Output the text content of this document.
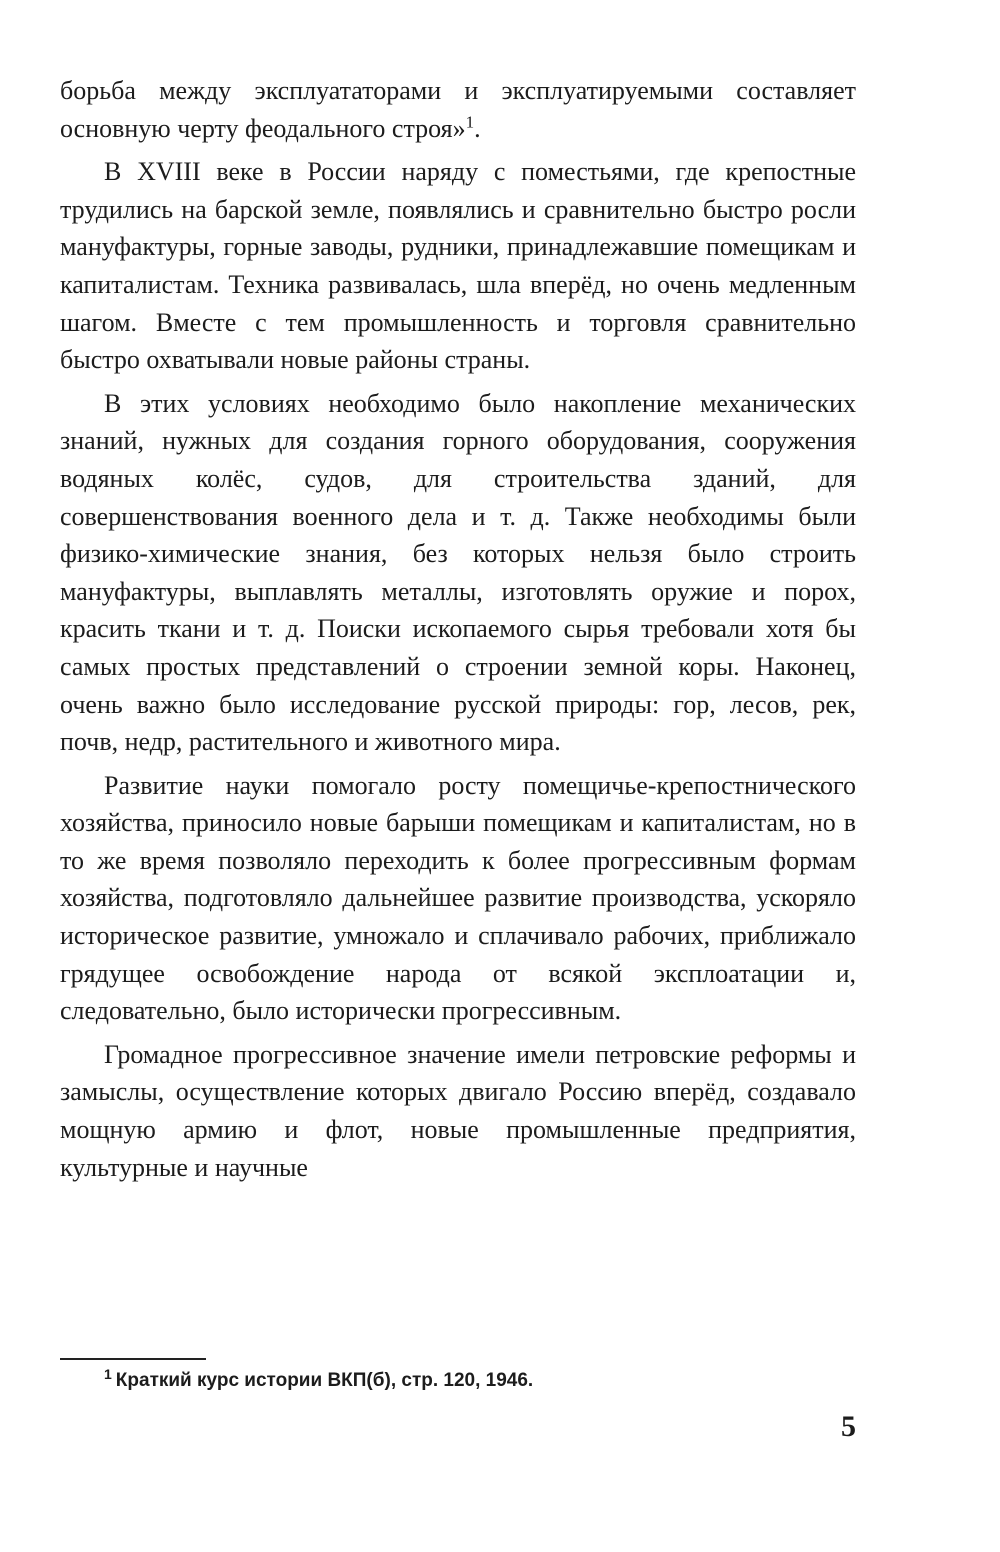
борьба между эксплуататорами и эксплуатируемыми составляет основную черту феодального строя»$^1$.

В XVIII веке в России наряду с поместьями, где крепостные трудились на барской земле, появлялись и сравнительно быстро росли мануфактуры, горные заводы, рудники, принадлежавшие помещикам и капиталистам. Техника развивалась, шла вперёд, но очень медленным шагом. Вместе с тем промышленность и торговля сравнительно быстро охватывали новые районы страны.

В этих условиях необходимо было накопление механических знаний, нужных для создания горного оборудования, сооружения водяных колёс, судов, для строительства зданий, для совершенствования военного дела и т. д. Также необходимы были физико-химические знания, без которых нельзя было строить мануфактуры, выплавлять металлы, изготовлять оружие и порох, красить ткани и т. д. Поиски ископаемого сырья требовали хотя бы самых простых представлений о строении земной коры. Наконец, очень важно было исследование русской природы: гор, лесов, рек, почв, недр, растительного и животного мира.

Развитие науки помогало росту помещичье-крепостнического хозяйства, приносило новые барыши помещикам и капиталистам, но в то же время позволяло переходить к более прогрессивным формам хозяйства, подготовляло дальнейшее развитие производства, ускоряло историческое развитие, умножало и сплачивало рабочих, приближало грядущее освобождение народа от всякой эксплоатации и, следовательно, было исторически прогрессивным.

Громадное прогрессивное значение имели петровские реформы и замыслы, осуществление которых двигало Россию вперёд, создавало мощную армию и флот, новые промышленные предприятия, культурные и научные

$^1$ Краткий курс истории ВКП(б), стр. 120, 1946.
5
